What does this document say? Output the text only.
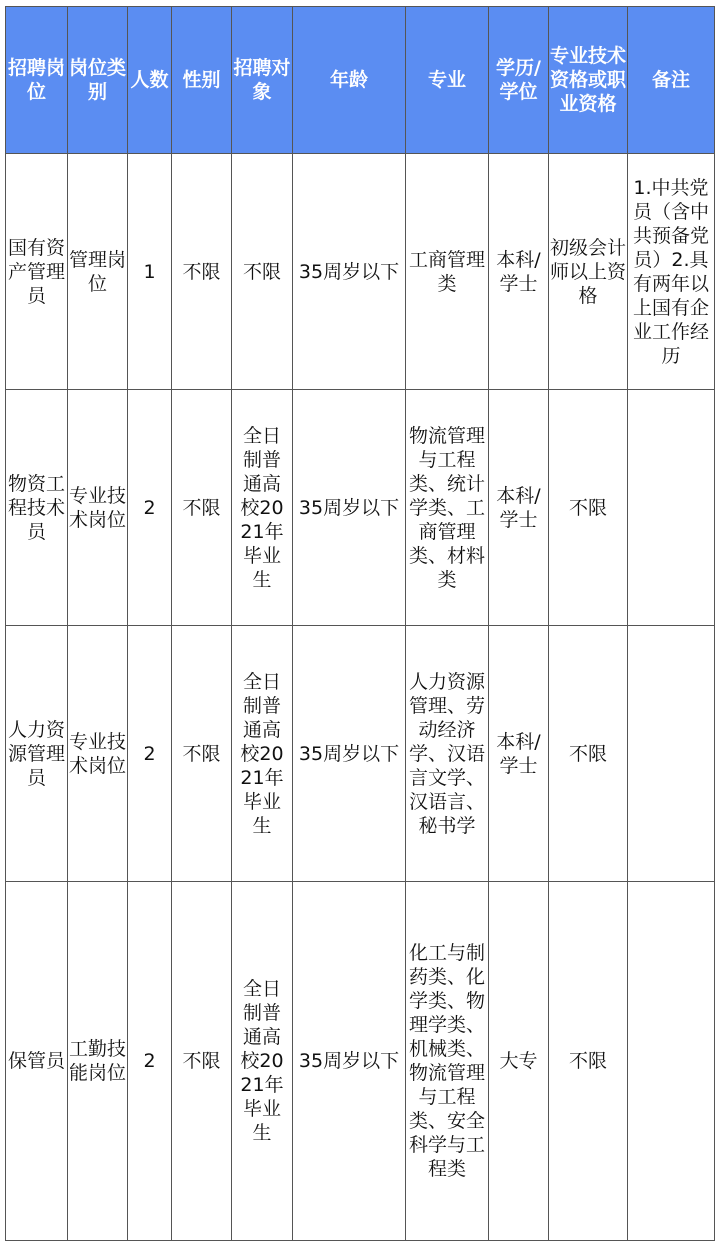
招聘岗位	岗位类别	人数	性别	招聘对象	年龄	专业	学历/学位	专业技术资格或职业资格	备注

国有资产管理员	管理岗位	1	不限	不限	35周岁以下	工商管理类	本科/学士	初级会计师以上资格	1.中共党员（含中共预备党员）2.具有两年以上国有企业工作经历

物资工程技术员	专业技术岗位	2	不限	全日制普通高校2021年毕业生	35周岁以下	物流管理与工程类、统计学类、工商管理类、材料类	本科/学士	不限	

人力资源管理员	专业技术岗位	2	不限	全日制普通高校2021年毕业生	35周岁以下	人力资源管理、劳动经济学、汉语言文学、汉语言、秘书学	本科/学士	不限	

保管员	工勤技能岗位	2	不限	全日制普通高校2021年毕业生	35周岁以下	化工与制药类、化学类、物理学类、机械类、物流管理与工程类、安全科学与工程类	大专	不限	
